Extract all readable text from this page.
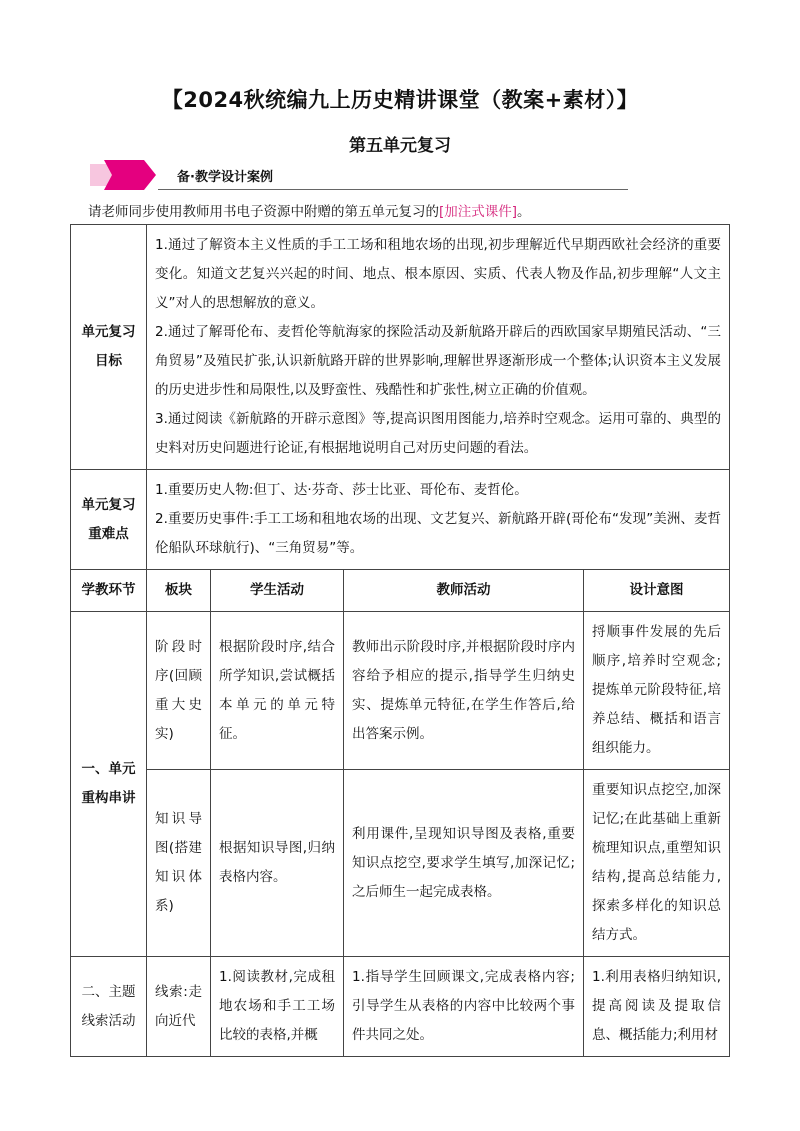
【2024秋统编九上历史精讲课堂（教案+素材）】
第五单元复习
备·教学设计案例
请老师同步使用教师用书电子资源中附赠的第五单元复习的[加注式课件]。
单元复习目标	1.通过了解资本主义性质的手工工场和租地农场的出现,初步理解近代早期西欧社会经济的重要变化。知道文艺复兴兴起的时间、地点、根本原因、实质、代表人物及作品,初步理解“人文主义”对人的思想解放的意义。
2.通过了解哥伦布、麦哲伦等航海家的探险活动及新航路开辟后的西欧国家早期殖民活动、“三角贸易”及殖民扩张,认识新航路开辟的世界影响,理解世界逐渐形成一个整体;认识资本主义发展的历史进步性和局限性,以及野蛮性、残酷性和扩张性,树立正确的价值观。
3.通过阅读《新航路的开辟示意图》等,提高识图用图能力,培养时空观念。运用可靠的、典型的史料对历史问题进行论证,有根据地说明自己对历史问题的看法。			

单元复习重难点	1.重要历史人物:但丁、达·芬奇、莎士比亚、哥伦布、麦哲伦。
2.重要历史事件:手工工场和租地农场的出现、文艺复兴、新航路开辟(哥伦布“发现”美洲、麦哲伦船队环球航行)、“三角贸易”等。			

学教环节	板块	学生活动	教师活动	设计意图
一、单元重构串讲	阶段时序(回顾重大史实)	根据阶段时序,结合所学知识,尝试概括本单元的单元特征。	教师出示阶段时序,并根据阶段时序内容给予相应的提示,指导学生归纳史实、提炼单元特征,在学生作答后,给出答案示例。	捋顺事件发展的先后顺序,培养时空观念;提炼单元阶段特征,培养总结、概括和语言组织能力。
	知识导图(搭建知识体系)	根据知识导图,归纳表格内容。	利用课件,呈现知识导图及表格,重要知识点挖空,要求学生填写,加深记忆;之后师生一起完成表格。	重要知识点挖空,加深记忆;在此基础上重新梳理知识点,重塑知识结构,提高总结能力,探索多样化的知识总结方式。
二、主题线索活动	线索:走向近代	1.阅读教材,完成租地农场和手工工场比较的表格,并概	1.指导学生回顾课文,完成表格内容;引导学生从表格的内容中比较两个事件共同之处。	1.利用表格归纳知识,提高阅读及提取信息、概括能力;利用材
